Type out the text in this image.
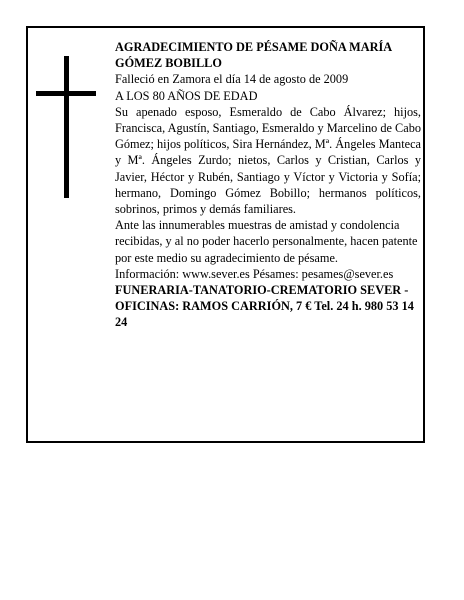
AGRADECIMIENTO DE PÉSAME DOÑA MARÍA GÓMEZ BOBILLO

Falleció en Zamora el día 14 de agosto de 2009

A LOS 80 AÑOS DE EDAD

Su apenado esposo, Esmeraldo de Cabo Álvarez; hijos, Francisca, Agustín, Santiago, Esmeraldo y Marcelino de Cabo Gómez; hijos políticos, Sira Hernández, Mª. Ángeles Manteca y Mª. Ángeles Zurdo; nietos, Carlos y Cristian, Carlos y Javier, Héctor y Rubén, Santiago y Víctor y Victoria y Sofía; hermano, Domingo Gómez Bobillo; hermanos políticos, sobrinos, primos y demás familiares.

Ante las innumerables muestras de amistad y condolencia recibidas, y al no poder hacerlo personalmente, hacen patente por este medio su agradecimiento de pésame.

Información: www.sever.es Pésames: pesames@sever.es

FUNERARIA-TANATORIO-CREMATORIO SEVER - OFICINAS: RAMOS CARRIÓN, 7 € Tel. 24 h. 980 53 14 24
